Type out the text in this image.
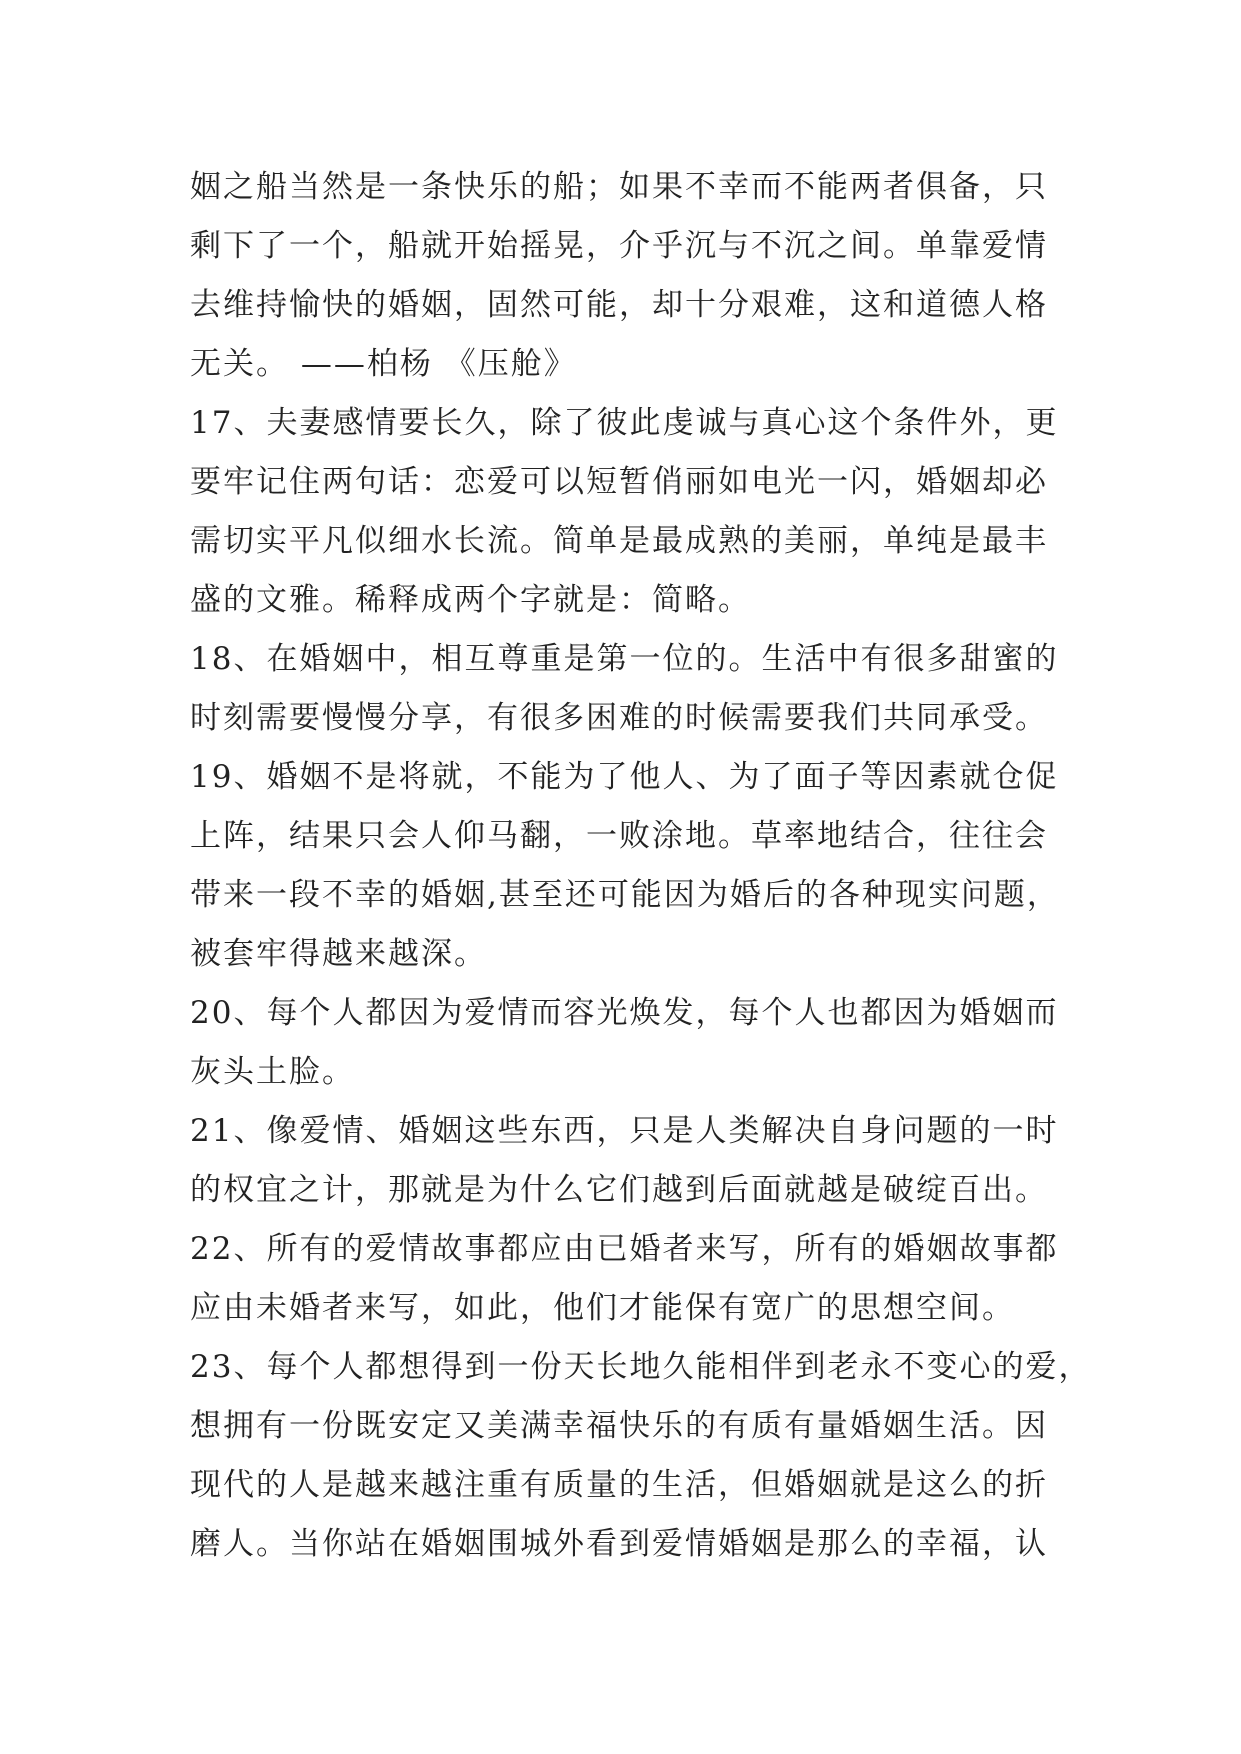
姻之船当然是一条快乐的船；如果不幸而不能两者俱备，只
剩下了一个，船就开始摇晃，介乎沉与不沉之间。单靠爱情
去维持愉快的婚姻，固然可能，却十分艰难，这和道德人格
无关。 ——柏杨 《压舱》
17、夫妻感情要长久，除了彼此虔诚与真心这个条件外，更
要牢记住两句话：恋爱可以短暂俏丽如电光一闪，婚姻却必
需切实平凡似细水长流。简单是最成熟的美丽，单纯是最丰
盛的文雅。稀释成两个字就是：简略。
18、在婚姻中，相互尊重是第一位的。生活中有很多甜蜜的
时刻需要慢慢分享，有很多困难的时候需要我们共同承受。
19、婚姻不是将就，不能为了他人、为了面子等因素就仓促
上阵，结果只会人仰马翻，一败涂地。草率地结合，往往会
带来一段不幸的婚姻,甚至还可能因为婚后的各种现实问题，
被套牢得越来越深。
20、每个人都因为爱情而容光焕发，每个人也都因为婚姻而
灰头土脸。
21、像爱情、婚姻这些东西，只是人类解决自身问题的一时
的权宜之计，那就是为什么它们越到后面就越是破绽百出。
22、所有的爱情故事都应由已婚者来写，所有的婚姻故事都
应由未婚者来写，如此，他们才能保有宽广的思想空间。
23、每个人都想得到一份天长地久能相伴到老永不变心的爱，
想拥有一份既安定又美满幸福快乐的有质有量婚姻生活。因
现代的人是越来越注重有质量的生活，但婚姻就是这么的折
磨人。当你站在婚姻围城外看到爱情婚姻是那么的幸福，认
